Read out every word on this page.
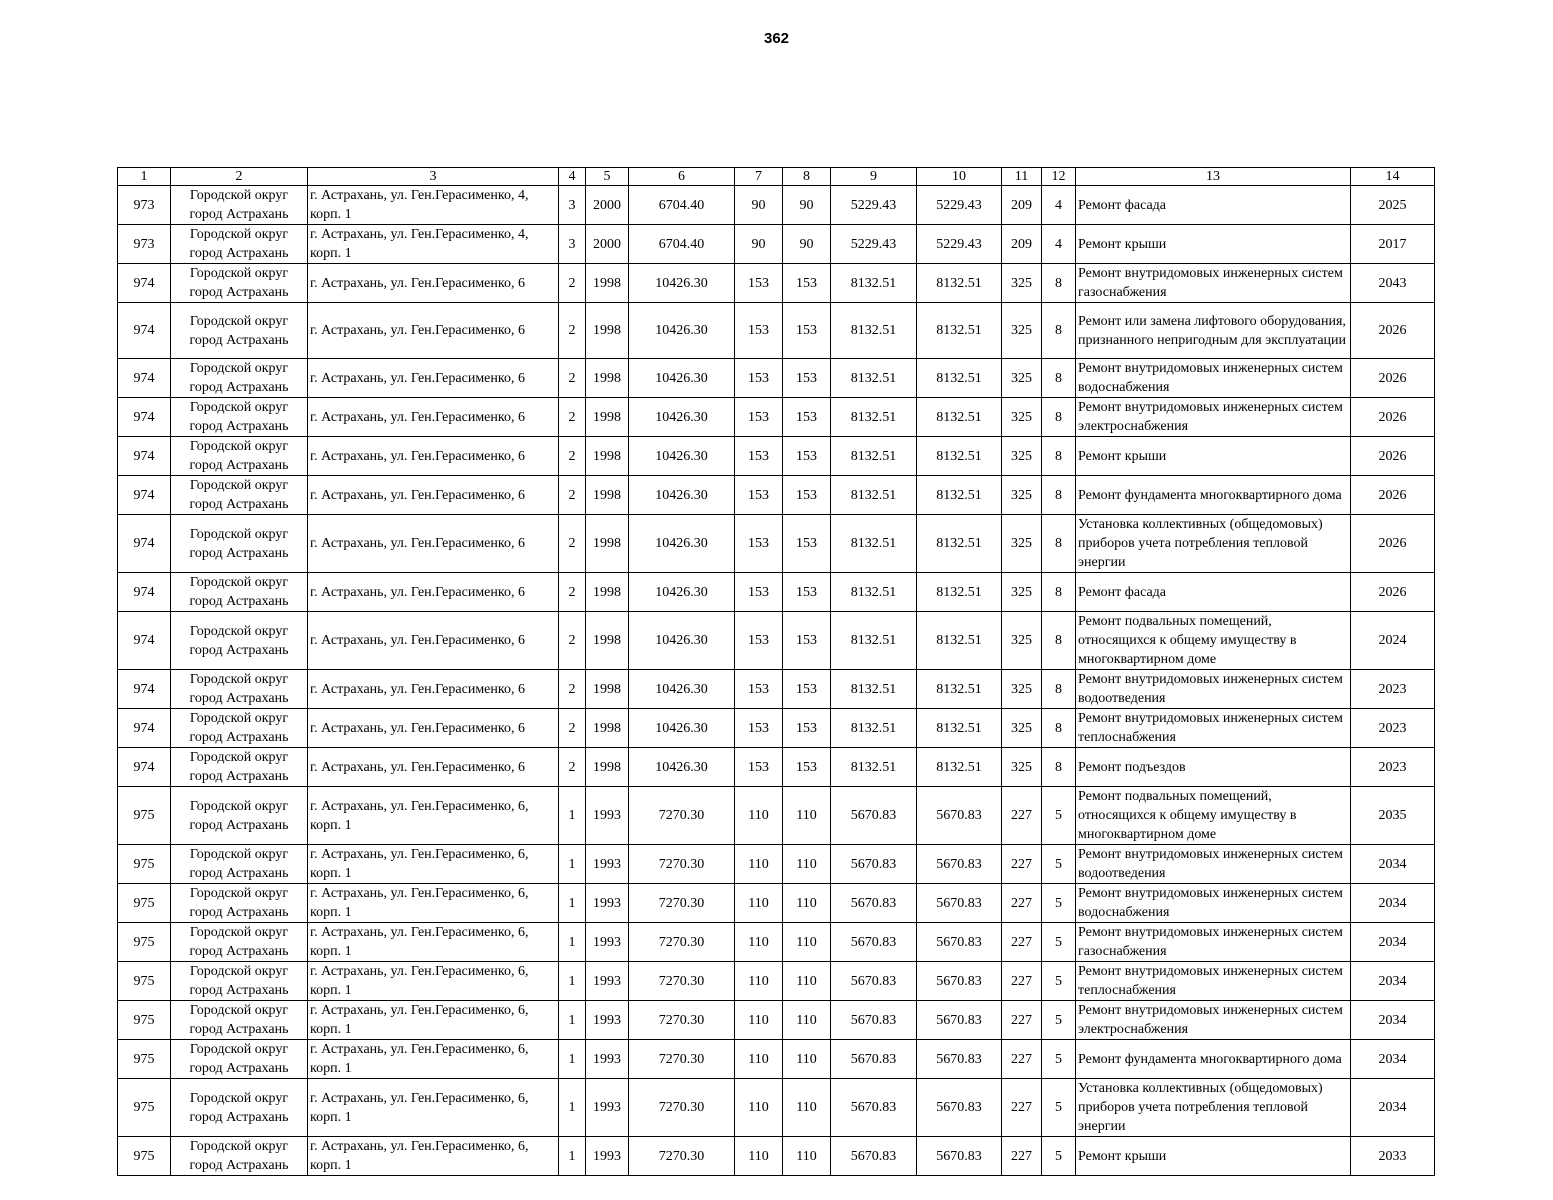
362
1	2	3	4	5	6	7	8	9	10	11	12	13	14
973	Городской округ город Астрахань	г. Астрахань, ул. Ген.Герасименко, 4, корп. 1	3	2000	6704.40	90	90	5229.43	5229.43	209	4	Ремонт фасада	2025
973	Городской округ город Астрахань	г. Астрахань, ул. Ген.Герасименко, 4, корп. 1	3	2000	6704.40	90	90	5229.43	5229.43	209	4	Ремонт крыши	2017
974	Городской округ город Астрахань	г. Астрахань, ул. Ген.Герасименко, 6	2	1998	10426.30	153	153	8132.51	8132.51	325	8	Ремонт внутридомовых инженерных систем газоснабжения	2043
974	Городской округ город Астрахань	г. Астрахань, ул. Ген.Герасименко, 6	2	1998	10426.30	153	153	8132.51	8132.51	325	8	Ремонт или замена лифтового оборудования, признанного непригодным для эксплуатации	2026
974	Городской округ город Астрахань	г. Астрахань, ул. Ген.Герасименко, 6	2	1998	10426.30	153	153	8132.51	8132.51	325	8	Ремонт внутридомовых инженерных систем водоснабжения	2026
974	Городской округ город Астрахань	г. Астрахань, ул. Ген.Герасименко, 6	2	1998	10426.30	153	153	8132.51	8132.51	325	8	Ремонт внутридомовых инженерных систем электроснабжения	2026
974	Городской округ город Астрахань	г. Астрахань, ул. Ген.Герасименко, 6	2	1998	10426.30	153	153	8132.51	8132.51	325	8	Ремонт крыши	2026
974	Городской округ город Астрахань	г. Астрахань, ул. Ген.Герасименко, 6	2	1998	10426.30	153	153	8132.51	8132.51	325	8	Ремонт фундамента многоквартирного дома	2026
974	Городской округ город Астрахань	г. Астрахань, ул. Ген.Герасименко, 6	2	1998	10426.30	153	153	8132.51	8132.51	325	8	Установка коллективных (общедомовых) приборов учета потребления тепловой энергии	2026
974	Городской округ город Астрахань	г. Астрахань, ул. Ген.Герасименко, 6	2	1998	10426.30	153	153	8132.51	8132.51	325	8	Ремонт фасада	2026
974	Городской округ город Астрахань	г. Астрахань, ул. Ген.Герасименко, 6	2	1998	10426.30	153	153	8132.51	8132.51	325	8	Ремонт подвальных помещений, относящихся к общему имуществу в многоквартирном доме	2024
974	Городской округ город Астрахань	г. Астрахань, ул. Ген.Герасименко, 6	2	1998	10426.30	153	153	8132.51	8132.51	325	8	Ремонт внутридомовых инженерных систем водоотведения	2023
974	Городской округ город Астрахань	г. Астрахань, ул. Ген.Герасименко, 6	2	1998	10426.30	153	153	8132.51	8132.51	325	8	Ремонт внутридомовых инженерных систем теплоснабжения	2023
974	Городской округ город Астрахань	г. Астрахань, ул. Ген.Герасименко, 6	2	1998	10426.30	153	153	8132.51	8132.51	325	8	Ремонт подъездов	2023
975	Городской округ город Астрахань	г. Астрахань, ул. Ген.Герасименко, 6, корп. 1	1	1993	7270.30	110	110	5670.83	5670.83	227	5	Ремонт подвальных помещений, относящихся к общему имуществу в многоквартирном доме	2035
975	Городской округ город Астрахань	г. Астрахань, ул. Ген.Герасименко, 6, корп. 1	1	1993	7270.30	110	110	5670.83	5670.83	227	5	Ремонт внутридомовых инженерных систем водоотведения	2034
975	Городской округ город Астрахань	г. Астрахань, ул. Ген.Герасименко, 6, корп. 1	1	1993	7270.30	110	110	5670.83	5670.83	227	5	Ремонт внутридомовых инженерных систем водоснабжения	2034
975	Городской округ город Астрахань	г. Астрахань, ул. Ген.Герасименко, 6, корп. 1	1	1993	7270.30	110	110	5670.83	5670.83	227	5	Ремонт внутридомовых инженерных систем газоснабжения	2034
975	Городской округ город Астрахань	г. Астрахань, ул. Ген.Герасименко, 6, корп. 1	1	1993	7270.30	110	110	5670.83	5670.83	227	5	Ремонт внутридомовых инженерных систем теплоснабжения	2034
975	Городской округ город Астрахань	г. Астрахань, ул. Ген.Герасименко, 6, корп. 1	1	1993	7270.30	110	110	5670.83	5670.83	227	5	Ремонт внутридомовых инженерных систем электроснабжения	2034
975	Городской округ город Астрахань	г. Астрахань, ул. Ген.Герасименко, 6, корп. 1	1	1993	7270.30	110	110	5670.83	5670.83	227	5	Ремонт фундамента многоквартирного дома	2034
975	Городской округ город Астрахань	г. Астрахань, ул. Ген.Герасименко, 6, корп. 1	1	1993	7270.30	110	110	5670.83	5670.83	227	5	Установка коллективных (общедомовых) приборов учета потребления тепловой энергии	2034
975	Городской округ город Астрахань	г. Астрахань, ул. Ген.Герасименко, 6, корп. 1	1	1993	7270.30	110	110	5670.83	5670.83	227	5	Ремонт крыши	2033
